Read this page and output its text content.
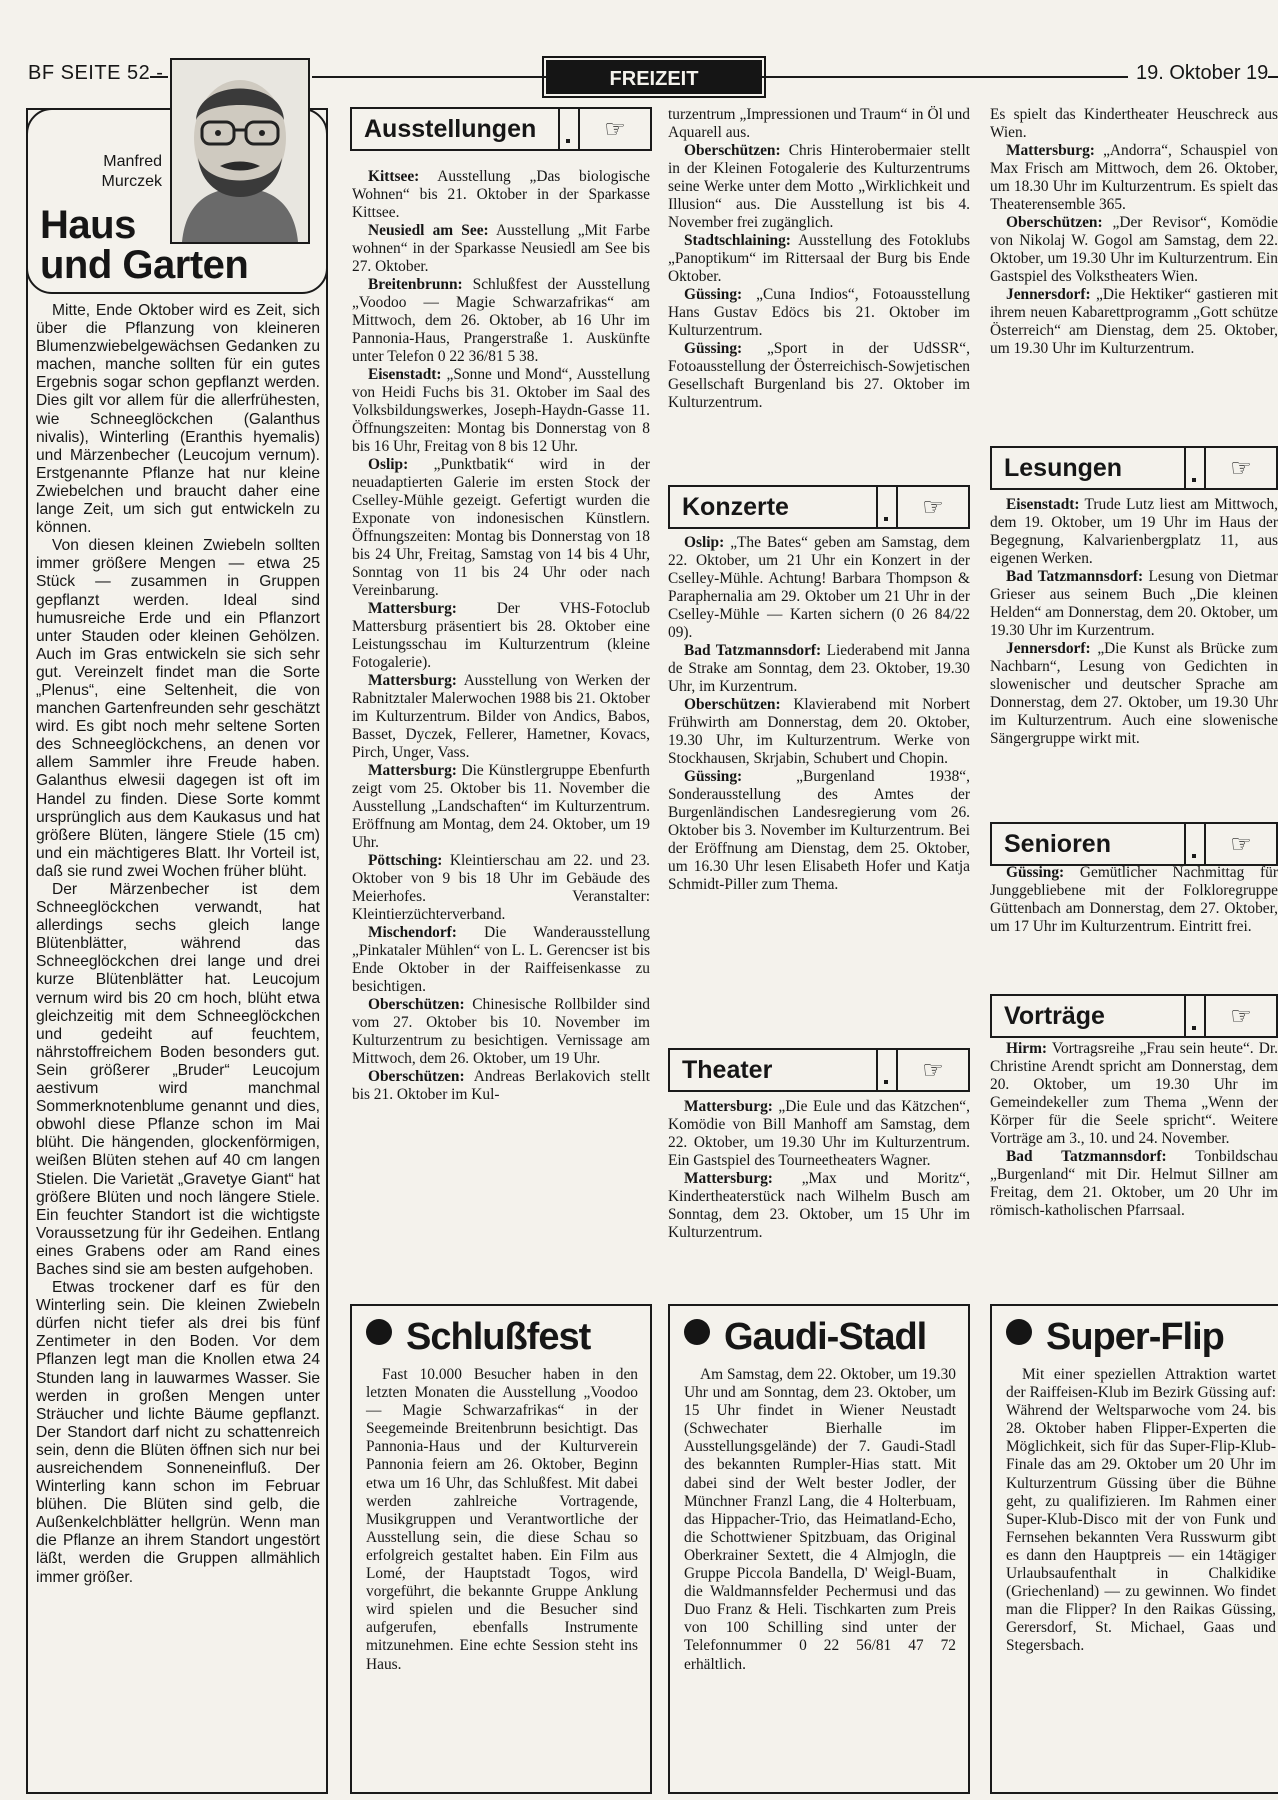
BF SEITE 52 -	FREIZEIT	19. Oktober 19
Manfred
Murczek
Haus
und Garten

Mitte, Ende Oktober wird es Zeit, sich über die Pflanzung von kleineren Blumenzwiebelgewächsen Gedanken zu machen, manche sollten für ein gutes Ergebnis sogar schon gepflanzt werden. Dies gilt vor allem für die allerfrühesten, wie Schneeglöckchen (Galanthus nivalis), Winterling (Eranthis hyemalis) und Märzenbecher (Leucojum vernum). Erstgenannte Pflanze hat nur kleine Zwiebelchen und braucht daher eine lange Zeit, um sich gut entwickeln zu können.

Von diesen kleinen Zwiebeln sollten immer größere Mengen — etwa 25 Stück — zusammen in Gruppen gepflanzt werden. Ideal sind humusreiche Erde und ein Pflanzort unter Stauden oder kleinen Gehölzen. Auch im Gras entwickeln sie sich sehr gut. Vereinzelt findet man die Sorte „Plenus“, eine Seltenheit, die von manchen Gartenfreunden sehr geschätzt wird. Es gibt noch mehr seltene Sorten des Schneeglöckchens, an denen vor allem Sammler ihre Freude haben. Galanthus elwesii dagegen ist oft im Handel zu finden. Diese Sorte kommt ursprünglich aus dem Kaukasus und hat größere Blüten, längere Stiele (15 cm) und ein mächtigeres Blatt. Ihr Vorteil ist, daß sie rund zwei Wochen früher blüht.

Der Märzenbecher ist dem Schneeglöckchen verwandt, hat allerdings sechs gleich lange Blütenblätter, während das Schneeglöckchen drei lange und drei kurze Blütenblätter hat. Leucojum vernum wird bis 20 cm hoch, blüht etwa gleichzeitig mit dem Schneeglöckchen und gedeiht auf feuchtem, nährstoffreichem Boden besonders gut. Sein größerer „Bruder“ Leucojum aestivum wird manchmal Sommerknotenblume genannt und dies, obwohl diese Pflanze schon im Mai blüht. Die hängenden, glockenförmigen, weißen Blüten stehen auf 40 cm langen Stielen. Die Varietät „Gravetye Giant“ hat größere Blüten und noch längere Stiele. Ein feuchter Standort ist die wichtigste Voraussetzung für ihr Gedeihen. Entlang eines Grabens oder am Rand eines Baches sind sie am besten aufgehoben.

Etwas trockener darf es für den Winterling sein. Die kleinen Zwiebeln dürfen nicht tiefer als drei bis fünf Zentimeter in den Boden. Vor dem Pflanzen legt man die Knollen etwa 24 Stunden lang in lauwarmes Wasser. Sie werden in großen Mengen unter Sträucher und lichte Bäume gepflanzt. Der Standort darf nicht zu schattenreich sein, denn die Blüten öffnen sich nur bei ausreichendem Sonneneinfluß. Der Winterling kann schon im Februar blühen. Die Blüten sind gelb, die Außenkelchblätter hellgrün. Wenn man die Pflanze an ihrem Standort ungestört läßt, werden die Gruppen allmählich immer größer.

Ausstellungen	☞
Konzerte	☞
Theater	☞
Lesungen	☞
Senioren	☞
Vorträge	☞

Kittsee: Ausstellung „Das biologische Wohnen“ bis 21. Oktober in der Sparkasse Kittsee.

Neusiedl am See: Ausstellung „Mit Farbe wohnen“ in der Sparkasse Neusiedl am See bis 27. Oktober.

Breitenbrunn: Schlußfest der Ausstellung „Voodoo — Magie Schwarzafrikas“ am Mittwoch, dem 26. Oktober, ab 16 Uhr im Pannonia-Haus, Prangerstraße 1. Auskünfte unter Telefon 0 22 36/81 5 38.

Eisenstadt: „Sonne und Mond“, Ausstellung von Heidi Fuchs bis 31. Oktober im Saal des Volksbildungswerkes, Joseph-Haydn-Gasse 11. Öffnungszeiten: Montag bis Donnerstag von 8 bis 16 Uhr, Freitag von 8 bis 12 Uhr.

Oslip: „Punktbatik“ wird in der neuadaptierten Galerie im ersten Stock der Cselley-Mühle gezeigt. Gefertigt wurden die Exponate von indonesischen Künstlern. Öffnungszeiten: Montag bis Donnerstag von 18 bis 24 Uhr, Freitag, Samstag von 14 bis 4 Uhr, Sonntag von 11 bis 24 Uhr oder nach Vereinbarung.

Mattersburg:	Der VHS-Fotoclub Mattersburg präsentiert bis 28. Oktober eine Leistungsschau im Kulturzentrum (kleine Fotogalerie).

Mattersburg: Ausstellung von Werken der Rabnitztaler Malerwochen 1988 bis 21. Oktober im Kulturzentrum. Bilder von Andics, Babos, Basset, Dyczek, Fellerer, Hametner, Kovacs, Pirch, Unger, Vass.

Mattersburg: Die Künstlergruppe Ebenfurth zeigt vom 25. Oktober bis 11. November die Ausstellung „Landschaften“ im Kulturzentrum. Eröffnung am Montag, dem 24. Oktober, um 19 Uhr.

Pöttsching: Kleintierschau am 22. und 23. Oktober von 9 bis 18 Uhr im Gebäude des Meierhofes. Veranstalter: Kleintierzüchterverband.

Mischendorf: Die Wanderausstellung „Pinkataler Mühlen“ von L. L. Gerencser ist bis Ende Oktober in der Raiffeisenkasse zu besichtigen.

Oberschützen: Chinesische Rollbilder sind vom 27. Oktober bis 10. November im Kulturzentrum zu besichtigen. Vernissage am Mittwoch, dem 26. Oktober, um 19 Uhr.

Oberschützen: Andreas Berlakovich stellt bis 21. Oktober im Kul-

turzentrum „Impressionen und Traum“ in Öl und Aquarell aus.

Oberschützen: Chris Hinterobermaier stellt in der Kleinen Fotogalerie des Kulturzentrums seine Werke unter dem Motto „Wirklichkeit und Illusion“ aus. Die Ausstellung ist bis 4. November frei zugänglich.

Stadtschlaining: Ausstellung des Fotoklubs „Panoptikum“ im Rittersaal der Burg bis Ende Oktober.

Güssing: „Cuna Indios“, Fotoausstellung Hans Gustav Edöcs bis 21. Oktober im Kulturzentrum.

Güssing: „Sport in der UdSSR“, Fotoausstellung der Österreichisch-Sowjetischen Gesellschaft Burgenland bis 27. Oktober im Kulturzentrum.

Oslip: „The Bates“ geben am Samstag, dem 22. Oktober, um 21 Uhr ein Konzert in der Cselley-Mühle. Achtung! Barbara Thompson & Paraphernalia am 29. Oktober um 21 Uhr in der Cselley-Mühle — Karten sichern (0 26 84/22 09).

Bad Tatzmannsdorf: Liederabend mit Janna de Strake am Sonntag, dem 23. Oktober, 19.30 Uhr, im Kurzentrum.

Oberschützen: Klavierabend mit Norbert Frühwirth am Donnerstag, dem 20. Oktober, 19.30 Uhr, im Kulturzentrum. Werke von Stockhausen, Skrjabin, Schubert und Chopin.

Güssing:	„Burgenland 1938“, Sonderausstellung des Amtes der Burgenländischen Landesregierung vom 26. Oktober bis 3. November im Kulturzentrum. Bei der Eröffnung am Dienstag, dem 25. Oktober, um 16.30 Uhr lesen Elisabeth Hofer und Katja Schmidt-Piller zum Thema.

Mattersburg: „Die Eule und das Kätzchen“, Komödie von Bill Manhoff am Samstag, dem 22. Oktober, um 19.30 Uhr im Kulturzentrum. Ein Gastspiel des Tourneetheaters Wagner.

Mattersburg: „Max und Moritz“, Kindertheaterstück nach Wilhelm Busch am Sonntag, dem 23. Oktober, um 15 Uhr im Kulturzentrum.

Es spielt das Kindertheater Heuschreck aus Wien.

Mattersburg: „Andorra“, Schauspiel von Max Frisch am Mittwoch, dem 26. Oktober, um 18.30 Uhr im Kulturzentrum. Es spielt das Theaterensemble 365.

Oberschützen: „Der Revisor“, Komödie von Nikolaj W. Gogol am Samstag, dem 22. Oktober, um 19.30 Uhr im Kulturzentrum. Ein Gastspiel des Volkstheaters Wien.

Jennersdorf: „Die Hektiker“ gastieren mit ihrem neuen Kabarettprogramm „Gott schütze Österreich“ am Dienstag, dem 25. Oktober, um 19.30 Uhr im Kulturzentrum.

Eisenstadt: Trude Lutz liest am Mittwoch, dem 19. Oktober, um 19 Uhr im Haus der Begegnung, Kalvarienbergplatz 11, aus eigenen Werken.

Bad Tatzmannsdorf: Lesung von Dietmar Grieser aus seinem Buch „Die kleinen Helden“ am Donnerstag, dem 20. Oktober, um 19.30 Uhr im Kurzentrum.

Jennersdorf: „Die Kunst als Brücke zum Nachbarn“, Lesung von Gedichten in slowenischer und deutscher Sprache am Donnerstag, dem 27. Oktober, um 19.30 Uhr im Kulturzentrum. Auch eine slowenische Sängergruppe wirkt mit.

Güssing: Gemütlicher Nachmittag für Junggebliebene mit der Folkloregruppe Güttenbach am Donnerstag, dem 27. Oktober, um 17 Uhr im Kulturzentrum. Eintritt frei.

Hirm: Vortragsreihe „Frau sein heute“. Dr. Christine Arendt spricht am Donnerstag, dem 20. Oktober, um 19.30 Uhr im Gemeindekeller zum Thema „Wenn der Körper für die Seele spricht“. Weitere Vorträge am 3., 10. und 24. November.

Bad Tatzmannsdorf: Tonbildschau „Burgenland“ mit Dir. Helmut Sillner am Freitag, dem 21. Oktober, um 20 Uhr im römisch-katholischen Pfarrsaal.

Schlußfest

Fast 10.000 Besucher haben in den letzten Monaten die Ausstellung „Voodoo — Magie Schwarzafrikas“ in der Seegemeinde Breitenbrunn besichtigt. Das Pannonia-Haus und der Kulturverein Pannonia feiern am 26. Oktober, Beginn etwa um 16 Uhr, das Schlußfest. Mit dabei werden zahlreiche Vortragende, Musikgruppen und Verantwortliche der Ausstellung sein, die diese Schau so erfolgreich gestaltet haben. Ein Film aus Lomé, der Hauptstadt Togos, wird vorgeführt, die bekannte Gruppe Anklung wird spielen und die Besucher sind aufgerufen, ebenfalls Instrumente mitzunehmen. Eine echte Session steht ins Haus.

Gaudi-Stadl

Am Samstag, dem 22. Oktober, um 19.30 Uhr und am Sonntag, dem 23. Oktober, um 15 Uhr findet in Wiener Neustadt (Schwechater Bierhalle im Ausstellungsgelände) der 7. Gaudi-Stadl des bekannten Rumpler-Hias statt. Mit dabei sind der Welt bester Jodler, der Münchner Franzl Lang, die 4 Holterbuam, das Hippacher-Trio, das Heimatland-Echo, die Schottwiener Spitzbuam, das Original Oberkrainer Sextett, die 4 Almjogln, die Gruppe Piccola Bandella, D' Weigl-Buam, die Waldmannsfelder Pechermusi und das Duo Franz & Heli. Tischkarten zum Preis von 100 Schilling sind unter der Telefonnummer 0 22 56/81 47 72 erhältlich.

Super-Flip

Mit einer speziellen Attraktion wartet der Raiffeisen-Klub im Bezirk Güssing auf: Während der Weltsparwoche vom 24. bis 28. Oktober haben Flipper-Experten die Möglichkeit, sich für das Super-Flip-Klub-Finale das am 29. Oktober um 20 Uhr im Kulturzentrum Güssing über die Bühne geht, zu qualifizieren. Im Rahmen einer Super-Klub-Disco mit der von Funk und Fernsehen bekannten Vera Russwurm gibt es dann den Hauptpreis — ein 14tägiger Urlaubsaufenthalt in Chalkidike (Griechenland) — zu gewinnen. Wo findet man die Flipper? In den Raikas Güssing, Gerersdorf, St. Michael, Gaas und Stegersbach.
